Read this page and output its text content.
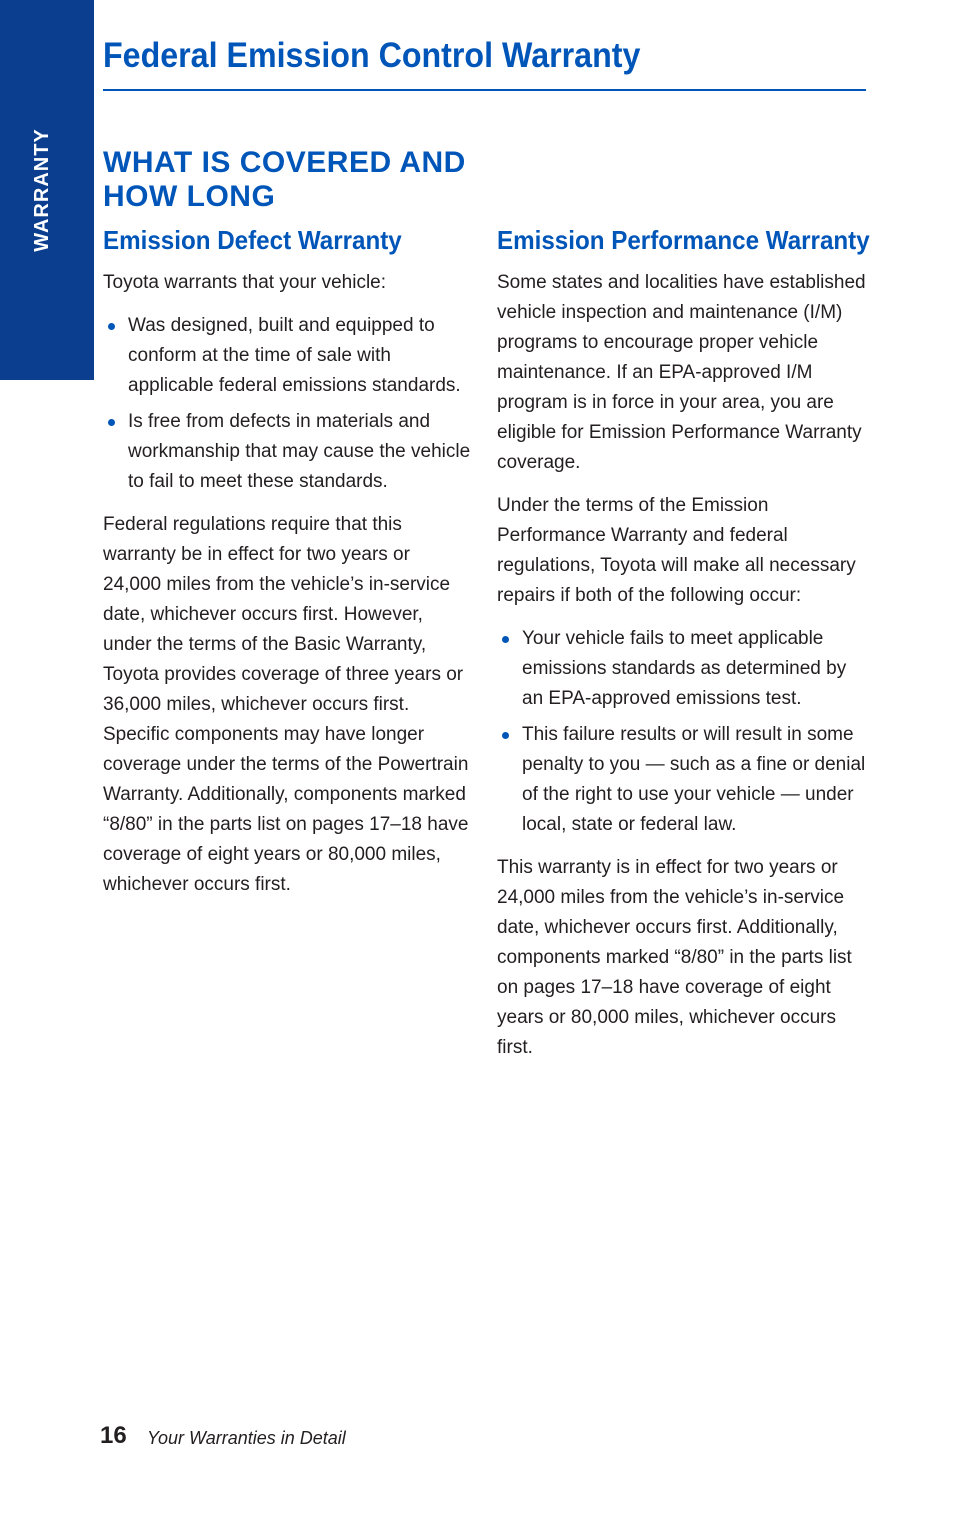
WARRANTY
Federal Emission Control Warranty
WHAT IS COVERED AND
HOW LONG
Emission Defect Warranty

Toyota warrants that your vehicle:

Was designed, built and equipped to conform at the time of sale with applicable federal emissions standards.
Is free from defects in materials and workmanship that may cause the vehicle to fail to meet these standards.

Federal regulations require that this warranty be in effect for two years or 24,000 miles from the vehicle’s in-service date, whichever occurs first. However, under the terms of the Basic Warranty, Toyota provides coverage of three years or 36,000 miles, whichever occurs first. Specific components may have longer coverage under the terms of the Powertrain Warranty. Additionally, components marked “8/80” in the parts list on pages 17–18 have coverage of eight years or 80,000 miles, whichever occurs first.

Emission Performance Warranty

Some states and localities have established vehicle inspection and maintenance (I/M) programs to encourage proper vehicle maintenance. If an EPA-approved I/M program is in force in your area, you are eligible for Emission Performance Warranty coverage.

Under the terms of the Emission Performance Warranty and federal regulations, Toyota will make all necessary repairs if both of the following occur:

Your vehicle fails to meet applicable emissions standards as determined by an EPA-approved emissions test.
This failure results or will result in some penalty to you — such as a fine or denial of the right to use your vehicle — under local, state or federal law.

This warranty is in effect for two years or 24,000 miles from the vehicle’s in-service date, whichever occurs first. Additionally, components marked “8/80” in the parts list on pages 17–18 have coverage of eight years or 80,000 miles, whichever occurs first.

16 Your Warranties in Detail
